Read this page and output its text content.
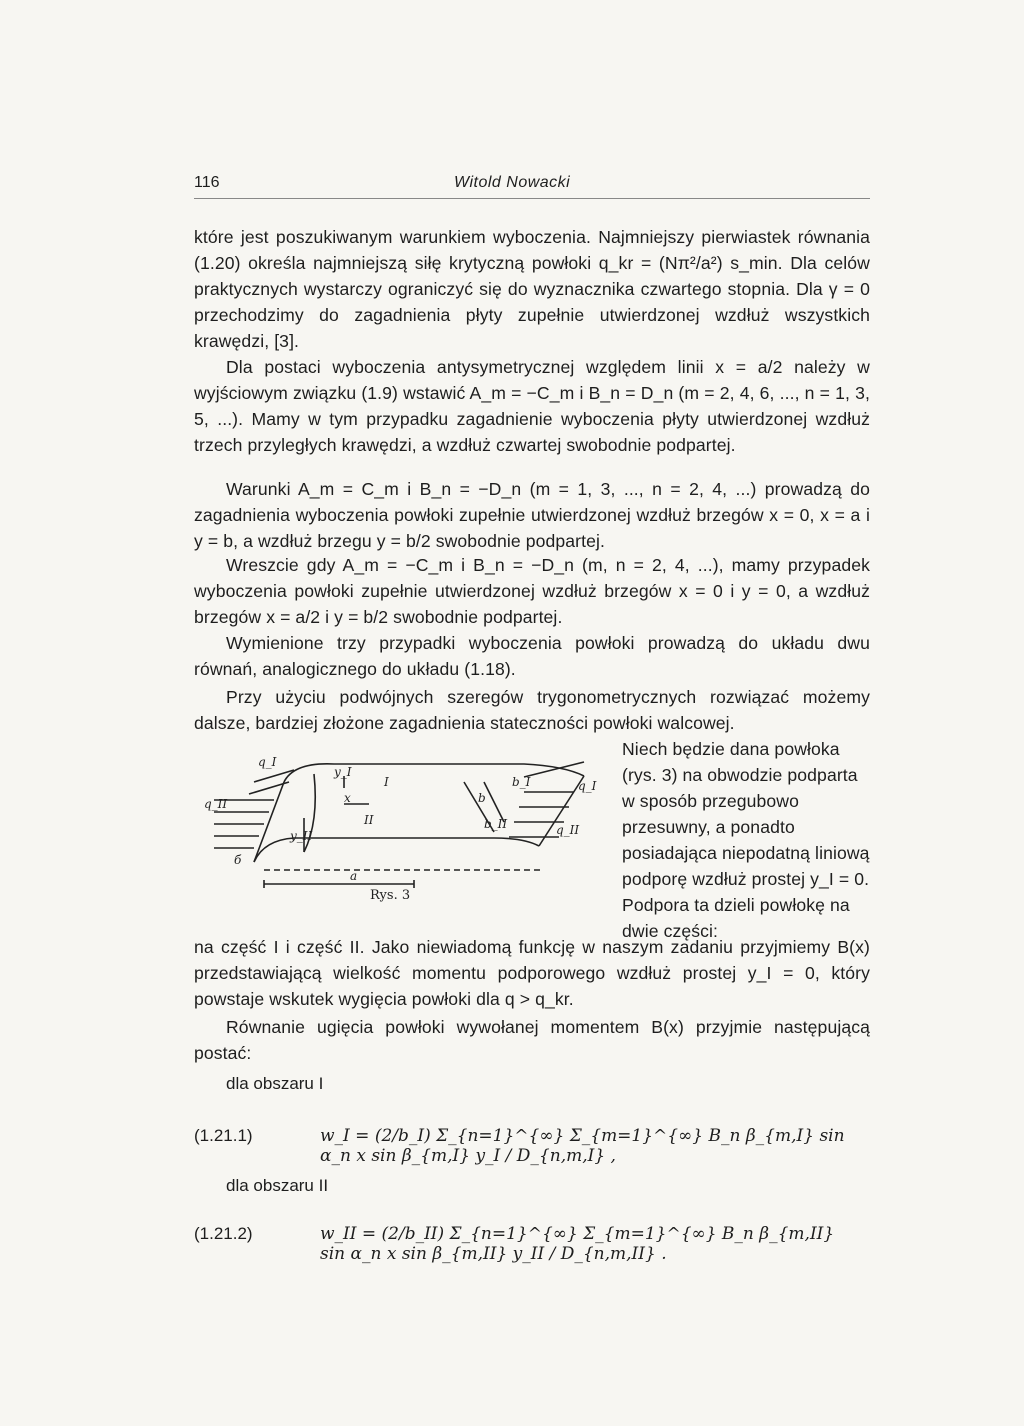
116	Witold Nowacki

które jest poszukiwanym warunkiem wyboczenia. Najmniejszy pierwiastek równania (1.20) określa najmniejszą siłę krytyczną powłoki q_kr = (Nπ²/a²) s_min. Dla celów praktycznych wystarczy ograniczyć się do wyznacznika czwartego stopnia. Dla γ = 0 przechodzimy do zagadnienia płyty zupełnie utwierdzonej wzdłuż wszystkich krawędzi, [3].

Dla postaci wyboczenia antysymetrycznej względem linii x = a/2 należy w wyjściowym związku (1.9) wstawić A_m = −C_m i B_n = D_n (m = 2, 4, 6, ..., n = 1, 3, 5, ...). Mamy w tym przypadku zagadnienie wyboczenia płyty utwierdzonej wzdłuż trzech przyległych krawędzi, a wzdłuż czwartej swobodnie podpartej.

Warunki A_m = C_m i B_n = −D_n (m = 1, 3, ..., n = 2, 4, ...) prowadzą do zagadnienia wyboczenia powłoki zupełnie utwierdzonej wzdłuż brzegów x = 0, x = a i y = b, a wzdłuż brzegu y = b/2 swobodnie podpartej.

Wreszcie gdy A_m = −C_m i B_n = −D_n (m, n = 2, 4, ...), mamy przypadek wyboczenia powłoki zupełnie utwierdzonej wzdłuż brzegów x = 0 i y = 0, a wzdłuż brzegów x = a/2 i y = b/2 swobodnie podpartej.

Wymienione trzy przypadki wyboczenia powłoki prowadzą do układu dwu równań, analogicznego do układu (1.18).

Przy użyciu podwójnych szeregów trygonometrycznych rozwiązać możemy dalsze, bardziej złożone zagadnienia stateczności powłoki walcowej.

Niech będzie dana powłoka (rys. 3) na obwodzie podparta w sposób przegubowo przesuwny, a ponadto posiadająca niepodatną liniową podporę wzdłuż prostej y_I = 0. Podpora ta dzieli powłokę na dwie części:

q_I
q_II
y_I
y_II
x
I
II
a
b
b_I
b_II
q_I
q_II
б
Rys. 3

na część I i część II. Jako niewiadomą funkcję w naszym zadaniu przyjmiemy B(x) przedstawiającą wielkość momentu podporowego wzdłuż prostej y_I = 0, który powstaje wskutek wygięcia powłoki dla q > q_kr.

Równanie ugięcia powłoki wywołanej momentem B(x) przyjmie następującą postać:

dla obszaru I
(1.21.1)	w_I = (2/b_I) Σ_{n=1}^{∞} Σ_{m=1}^{∞} B_n β_{m,I} sin α_n x sin β_{m,I} y_I / D_{n,m,I} ,
dla obszaru II
(1.21.2)	w_II = (2/b_II) Σ_{n=1}^{∞} Σ_{m=1}^{∞} B_n β_{m,II} sin α_n x sin β_{m,II} y_II / D_{n,m,II} .
